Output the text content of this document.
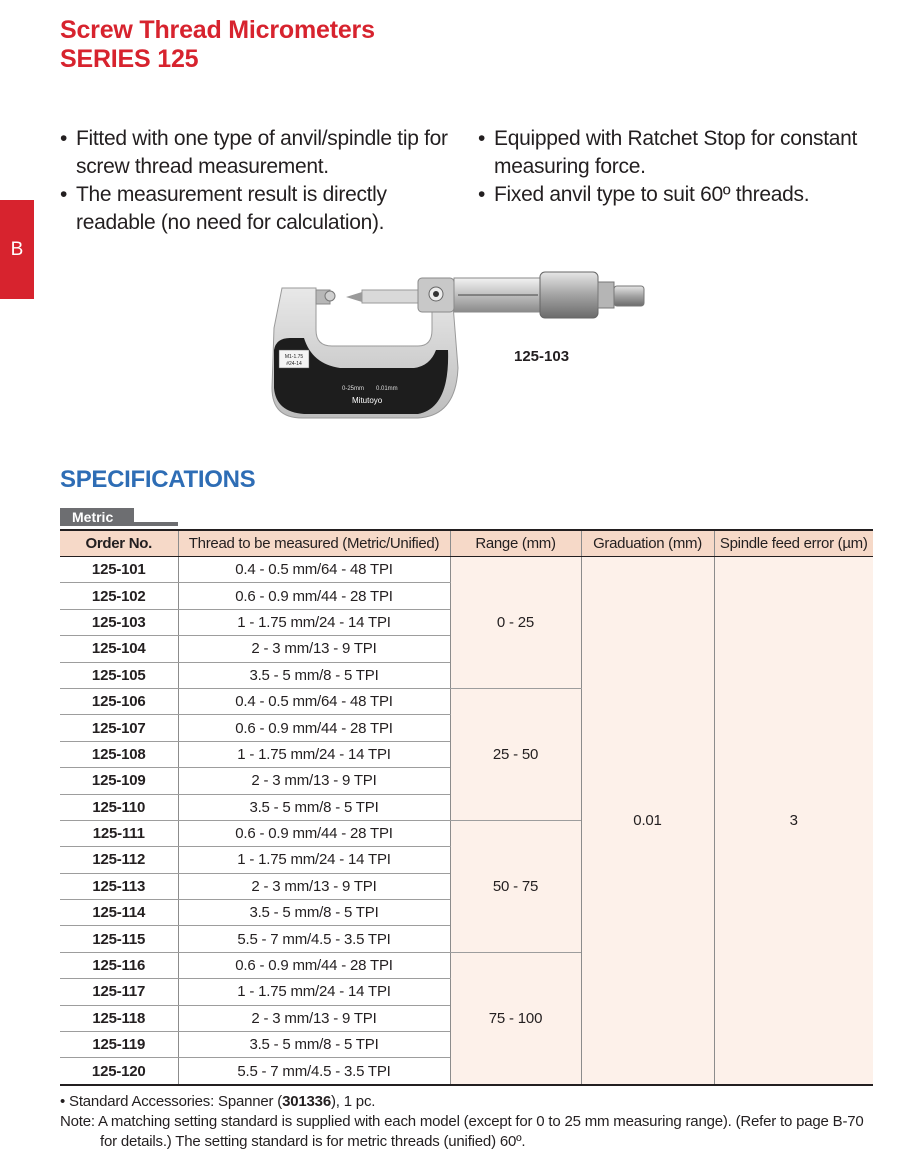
Screw Thread Micrometers
SERIES 125
B
• Fitted with one type of anvil/spindle tip for screw thread measurement.
• The measurement result is directly readable (no need for calculation).
• Equipped with Ratchet Stop for constant measuring force.
• Fixed anvil type to suit 60º threads.
M1-1.75
#24-14
0-25mm 0.01mm
Mitutoyo
125-103
SPECIFICATIONS
Metric
Order No.	Thread to be measured (Metric/Unified)	Range (mm)	Graduation (mm)	Spindle feed error (µm)
125-101	0.4 - 0.5 mm/64 - 48 TPI	0 - 25	0.01	3
125-102	0.6 - 0.9 mm/44 - 28 TPI			
125-103	1 - 1.75 mm/24 - 14 TPI			
125-104	2 - 3 mm/13 - 9 TPI			
125-105	3.5 - 5 mm/8 - 5 TPI			
125-106	0.4 - 0.5 mm/64 - 48 TPI	25 - 50		
125-107	0.6 - 0.9 mm/44 - 28 TPI			
125-108	1 - 1.75 mm/24 - 14 TPI			
125-109	2 - 3 mm/13 - 9 TPI			
125-110	3.5 - 5 mm/8 - 5 TPI			
125-111	0.6 - 0.9 mm/44 - 28 TPI	50 - 75		
125-112	1 - 1.75 mm/24 - 14 TPI			
125-113	2 - 3 mm/13 - 9 TPI			
125-114	3.5 - 5 mm/8 - 5 TPI			
125-115	5.5 - 7 mm/4.5 - 3.5 TPI			
125-116	0.6 - 0.9 mm/44 - 28 TPI	75 - 100		
125-117	1 - 1.75 mm/24 - 14 TPI			
125-118	2 - 3 mm/13 - 9 TPI			
125-119	3.5 - 5 mm/8 - 5 TPI			
125-120	5.5 - 7 mm/4.5 - 3.5 TPI			
• Standard Accessories: Spanner (301336), 1 pc.
Note: A matching setting standard is supplied with each model (except for 0 to 25 mm measuring range). (Refer to page B-70
for details.) The setting standard is for metric threads (unified) 60º.
